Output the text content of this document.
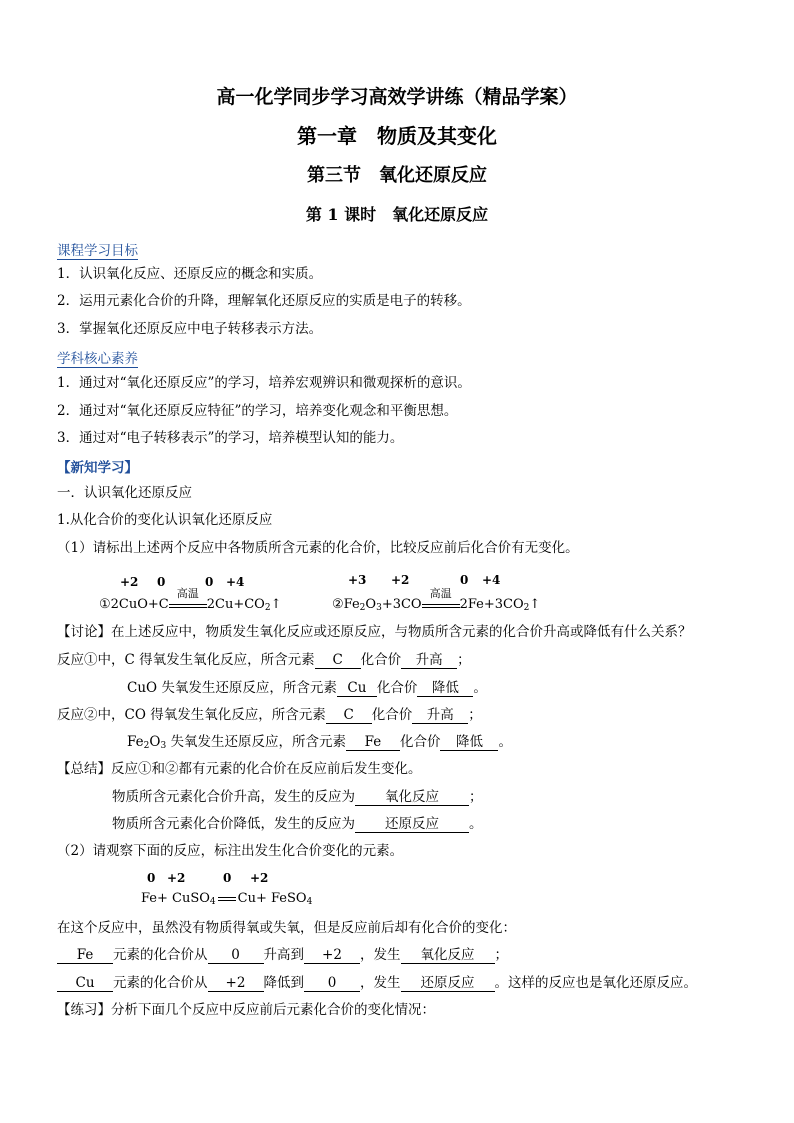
高一化学同步学习高效学讲练（精品学案）
第一章　物质及其变化
第三节　氧化还原反应
第 1 课时　氧化还原反应
课程学习目标
1．认识氧化反应、还原反应的概念和实质。
2．运用元素化合价的升降，理解氧化还原反应的实质是电子的转移。
3．掌握氧化还原反应中电子转移表示方法。
学科核心素养
1．通过对“氧化还原反应”的学习，培养宏观辨识和微观探析的意识。
2．通过对“氧化还原反应特征”的学习，培养变化观念和平衡思想。
3．通过对“电子转移表示”的学习，培养模型认知的能力。
【新知学习】
一．认识氧化还原反应
1.从化合价的变化认识氧化还原反应
（1）请标出上述两个反应中各物质所含元素的化合价，比较反应前后化合价有无变化。
+2 0	0 +4
①2CuO+C
高温
$2Cu+CO_2↑$
+3 +2	0 +4
$②Fe_2O_3+3CO$
高温
$2Fe+3CO_2↑$
【讨论】在上述反应中，物质发生氧化反应或还原反应，与物质所含元素的化合价升高或降低有什么关系？
反应①中，C 得氧发生氧化反应，所含元素 C 化合价 升高 ；
CuO 失氧发生还原反应，所含元素 Cu 化合价 降低 。
反应②中，CO 得氧发生氧化反应，所含元素 C 化合价 升高 ；
$Fe_2O_3$ 失氧发生还原反应，所含元素 Fe 化合价 降低 。
【总结】反应①和②都有元素的化合价在反应前后发生变化。
物质所含元素化合价升高，发生的反应为 氧化反应 ；
物质所含元素化合价降低，发生的反应为 还原反应 。
（2）请观察下面的反应，标注出发生化合价变化的元素。
0 +2	0 +2
Fe+ CuSO$_4$ Cu+ FeSO$_4$
在这个反应中，虽然没有物质得氧或失氧，但是反应前后却有化合价的变化：
Fe 元素的化合价从 0 升高到 +2 ，发生 氧化反应 ；
Cu 元素的化合价从 +2 降低到 0 ，发生 还原反应 。这样的反应也是氧化还原反应。
【练习】分析下面几个反应中反应前后元素化合价的变化情况：
